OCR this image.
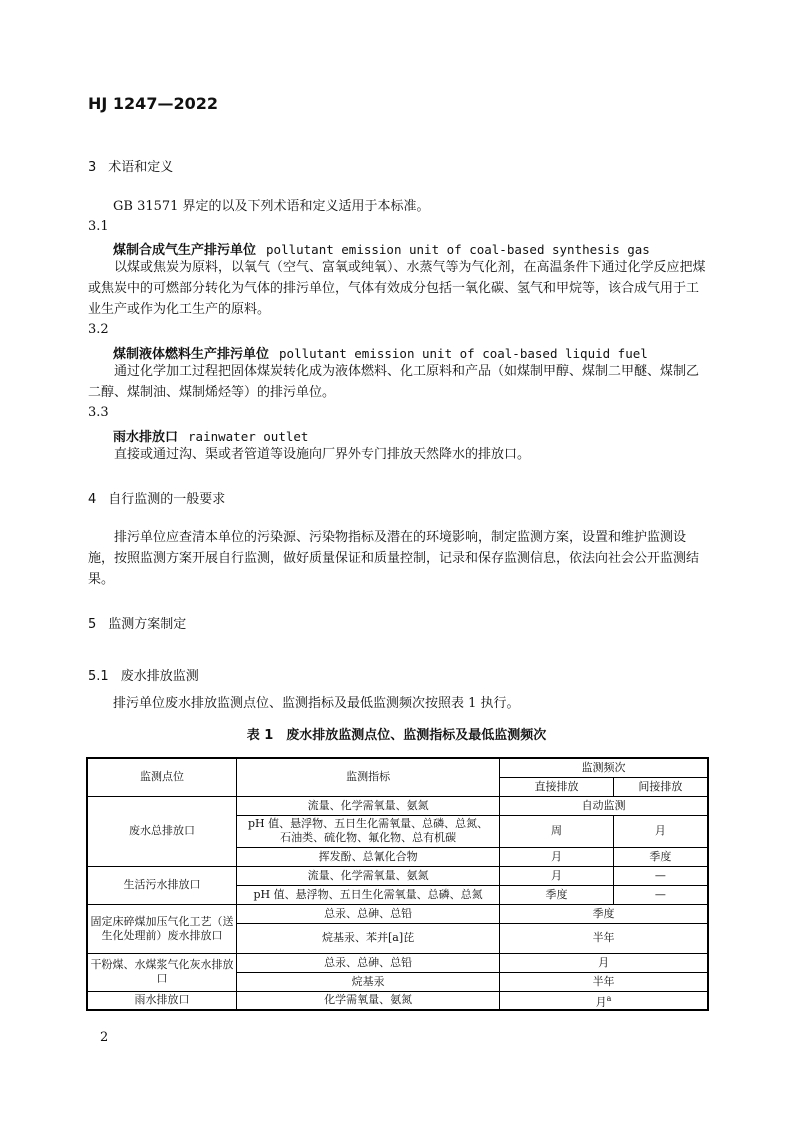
HJ 1247—2022
3 术语和定义
GB 31571 界定的以及下列术语和定义适用于本标准。
3.1
煤制合成气生产排污单位 pollutant emission unit of coal-based synthesis gas
以煤或焦炭为原料，以氧气（空气、富氧或纯氧）、水蒸气等为气化剂，在高温条件下通过化学反应把煤或焦炭中的可燃部分转化为气体的排污单位，气体有效成分包括一氧化碳、氢气和甲烷等，该合成气用于工业生产或作为化工生产的原料。
3.2
煤制液体燃料生产排污单位 pollutant emission unit of coal-based liquid fuel
通过化学加工过程把固体煤炭转化成为液体燃料、化工原料和产品（如煤制甲醇、煤制二甲醚、煤制乙二醇、煤制油、煤制烯烃等）的排污单位。
3.3
雨水排放口 rainwater outlet
直接或通过沟、渠或者管道等设施向厂界外专门排放天然降水的排放口。
4 自行监测的一般要求
排污单位应查清本单位的污染源、污染物指标及潜在的环境影响，制定监测方案，设置和维护监测设施，按照监测方案开展自行监测，做好质量保证和质量控制，记录和保存监测信息，依法向社会公开监测结果。
5 监测方案制定
5.1 废水排放监测
排污单位废水排放监测点位、监测指标及最低监测频次按照表 1 执行。
表 1　废水排放监测点位、监测指标及最低监测频次
监测点位	监测指标	监测频次	
		直接排放	间接排放
废水总排放口	流量、化学需氧量、氨氮	自动监测	
	pH 值、悬浮物、五日生化需氧量、总磷、总氮、
石油类、硫化物、氟化物、总有机碳	周	月
	挥发酚、总氰化合物	月	季度
生活污水排放口	流量、化学需氧量、氨氮	月	—
	pH 值、悬浮物、五日生化需氧量、总磷、总氮	季度	—
固定床碎煤加压气化工艺（送生化处理前）废水排放口	总汞、总砷、总铅	季度	
	烷基汞、苯并[a]芘	半年	
干粉煤、水煤浆气化灰水排放口	总汞、总砷、总铅	月	
	烷基汞	半年	
雨水排放口	化学需氧量、氨氮	月$^a$
2
